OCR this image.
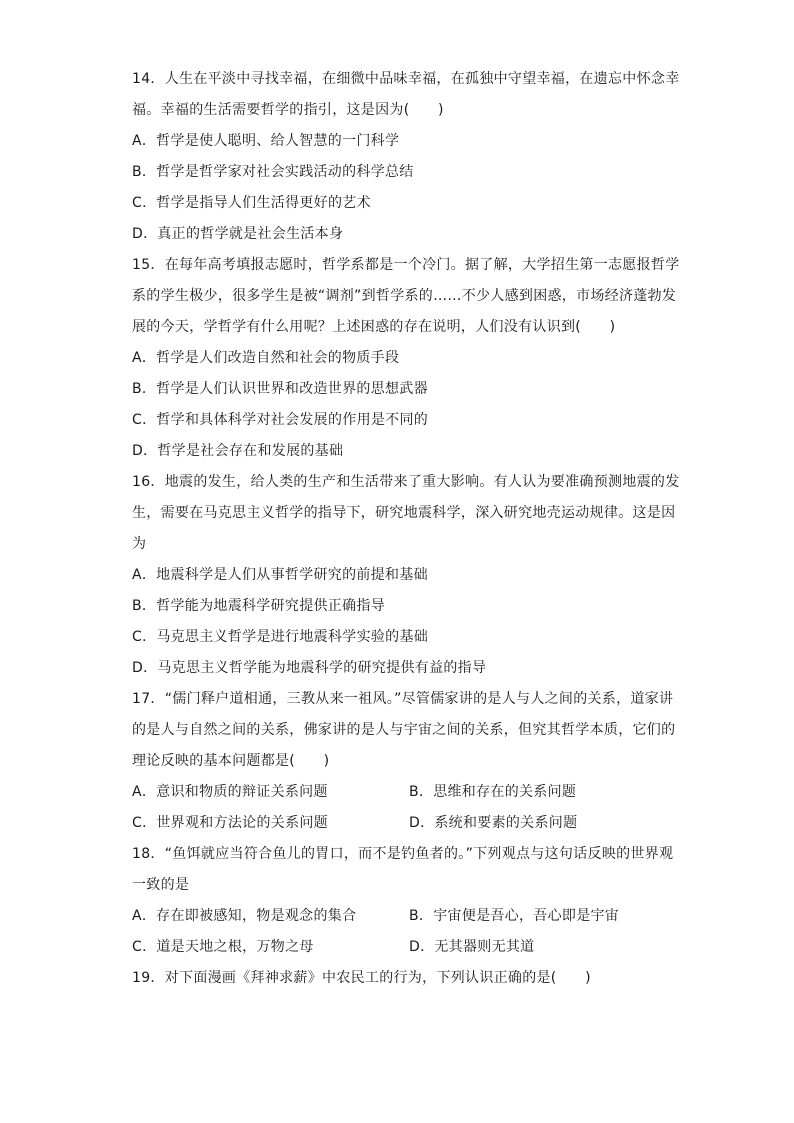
14．人生在平淡中寻找幸福，在细微中品味幸福，在孤独中守望幸福，在遗忘中怀念幸
福。幸福的生活需要哲学的指引，这是因为(　　)
A．哲学是使人聪明、给人智慧的一门科学
B．哲学是哲学家对社会实践活动的科学总结
C．哲学是指导人们生活得更好的艺术
D．真正的哲学就是社会生活本身
15．在每年高考填报志愿时，哲学系都是一个冷门。据了解，大学招生第一志愿报哲学
系的学生极少，很多学生是被“调剂”到哲学系的……不少人感到困惑，市场经济蓬勃发
展的今天，学哲学有什么用呢？上述困惑的存在说明，人们没有认识到(　　)
A．哲学是人们改造自然和社会的物质手段
B．哲学是人们认识世界和改造世界的思想武器
C．哲学和具体科学对社会发展的作用是不同的
D．哲学是社会存在和发展的基础
16．地震的发生，给人类的生产和生活带来了重大影响。有人认为要准确预测地震的发
生，需要在马克思主义哲学的指导下，研究地震科学，深入研究地壳运动规律。这是因
为
A．地震科学是人们从事哲学研究的前提和基础
B．哲学能为地震科学研究提供正确指导
C．马克思主义哲学是进行地震科学实验的基础
D．马克思主义哲学能为地震科学的研究提供有益的指导
17．“儒门释户道相通，三教从来一祖风。”尽管儒家讲的是人与人之间的关系，道家讲
的是人与自然之间的关系，佛家讲的是人与宇宙之间的关系，但究其哲学本质，它们的
理论反映的基本问题都是(　　)
A．意识和物质的辩证关系问题	B．思维和存在的关系问题
C．世界观和方法论的关系问题	D．系统和要素的关系问题
18．“鱼饵就应当符合鱼儿的胃口，而不是钓鱼者的。”下列观点与这句话反映的世界观
一致的是
A．存在即被感知，物是观念的集合	B．宇宙便是吾心，吾心即是宇宙
C．道是天地之根，万物之母	D．无其器则无其道
19．对下面漫画《拜神求薪》中农民工的行为，下列认识正确的是(　　)
